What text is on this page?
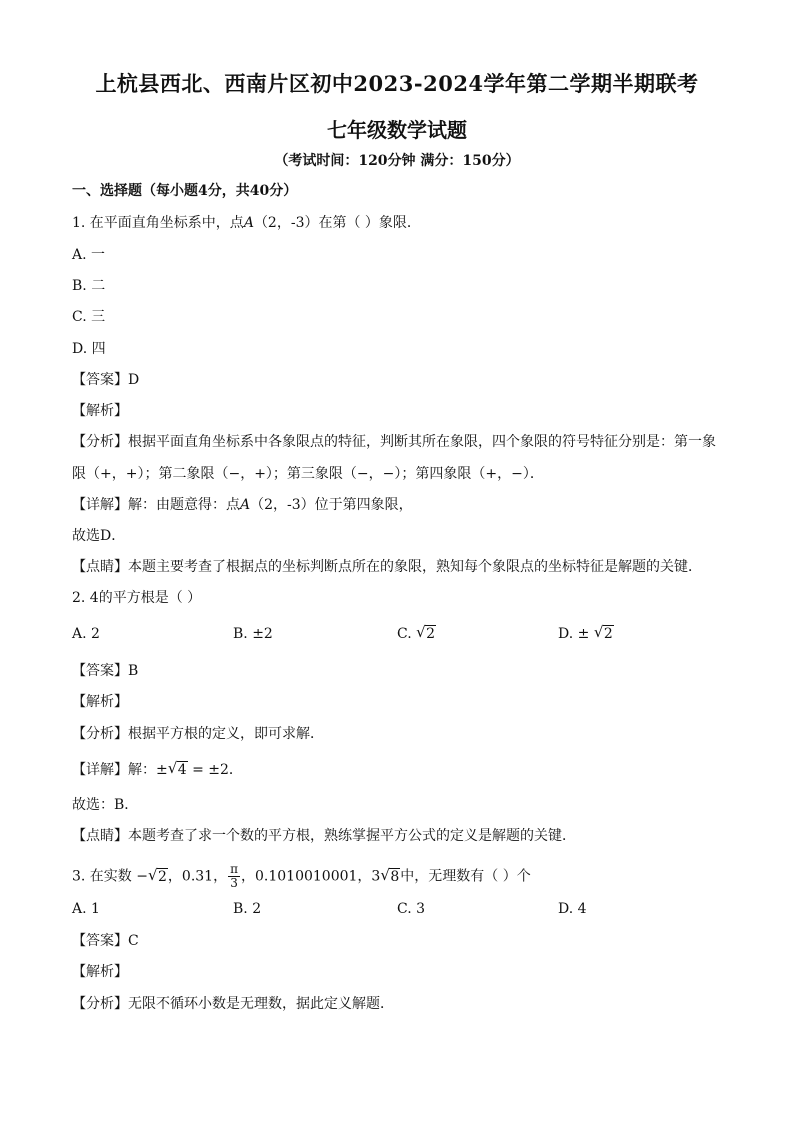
上杭县西北、西南片区初中2023-2024学年第二学期半期联考
七年级数学试题
（考试时间：120分钟 满分：150分）
一、选择题（每小题4分，共40分）
1. 在平面直角坐标系中，点A（2，-3）在第（ ）象限．
A. 一
B. 二
C. 三
D. 四
【答案】D
【解析】
【分析】根据平面直角坐标系中各象限点的特征，判断其所在象限，四个象限的符号特征分别是：第一象
限（+，+）；第二象限（−，+）；第三象限（−，−）；第四象限（+，−）．
【详解】解：由题意得：点A（2，-3）位于第四象限，
故选D．
【点睛】本题主要考查了根据点的坐标判断点所在的象限，熟知每个象限点的坐标特征是解题的关键．
2. 4的平方根是（ ）
A. 2	B. ±2	C. √ 2	D. ± √ 2
【答案】B
【解析】
【分析】根据平方根的定义，即可求解．
【详解】解：± √ 4 = ±2．
故选：B．
【点睛】本题考查了求一个数的平方根，熟练掌握平方公式的定义是解题的关键．
3. 在实数 − √ 2，0.31， $\frac{\pi}{3}$ ，0.1010010001，3 √ 8中，无理数有（ ）个
A. 1	B. 2	C. 3	D. 4
【答案】C
【解析】
【分析】无限不循环小数是无理数，据此定义解题．
